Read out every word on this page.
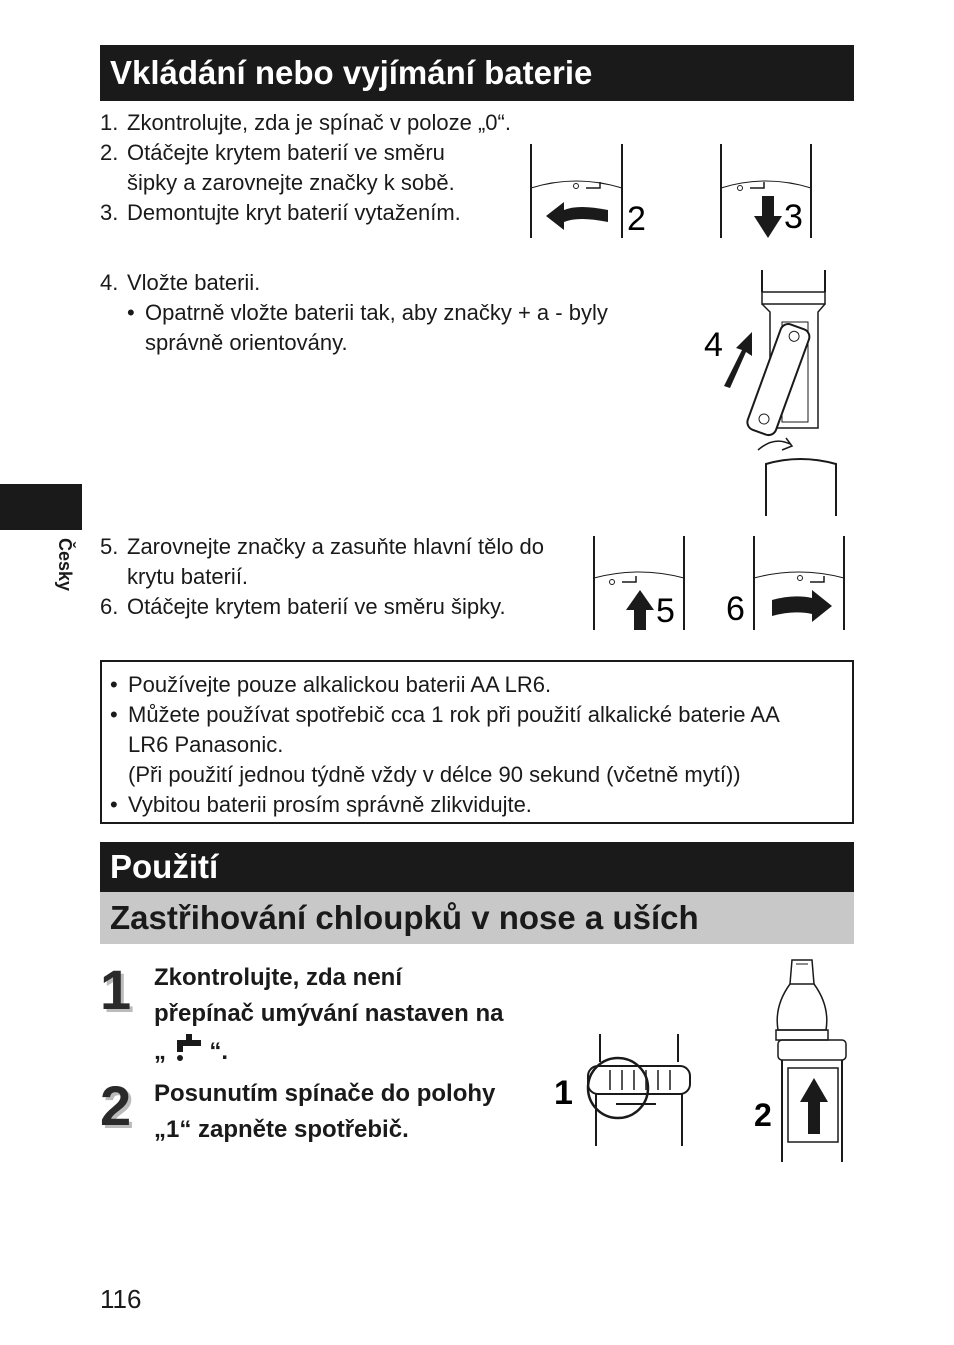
Vkládání nebo vyjímání baterie
1. Zkontrolujte, zda je spínač v poloze „0“.
2. Otáčejte krytem baterií ve směru
šipky a zarovnejte značky k sobě.
3. Demontujte kryt baterií vytažením.	2	3
4. Vložte baterii.
• Opatrně vložte baterii tak, aby značky + a - byly
správně orientovány.	4
Česky 5. Zarovnejte značky a zasuňte hlavní tělo do
krytu baterií.
6. Otáčejte krytem baterií ve směru šipky.	5 6
• Používejte pouze alkalickou baterii AA LR6.
• Můžete používat spotřebič cca 1 rok při použití alkalické baterie AA
LR6 Panasonic.
(Při použití jednou týdně vždy v délce 90 sekund (včetně mytí))
• Vybitou baterii prosím správně zlikvidujte.
Použití
Zastřihování chloupků v nose a uších
1 Zkontrolujte, zda není
přepínač umývání nastaven na
„ “.
2 Posunutím spínače do polohy
„1“ zapněte spotřebič.
1
2
116
